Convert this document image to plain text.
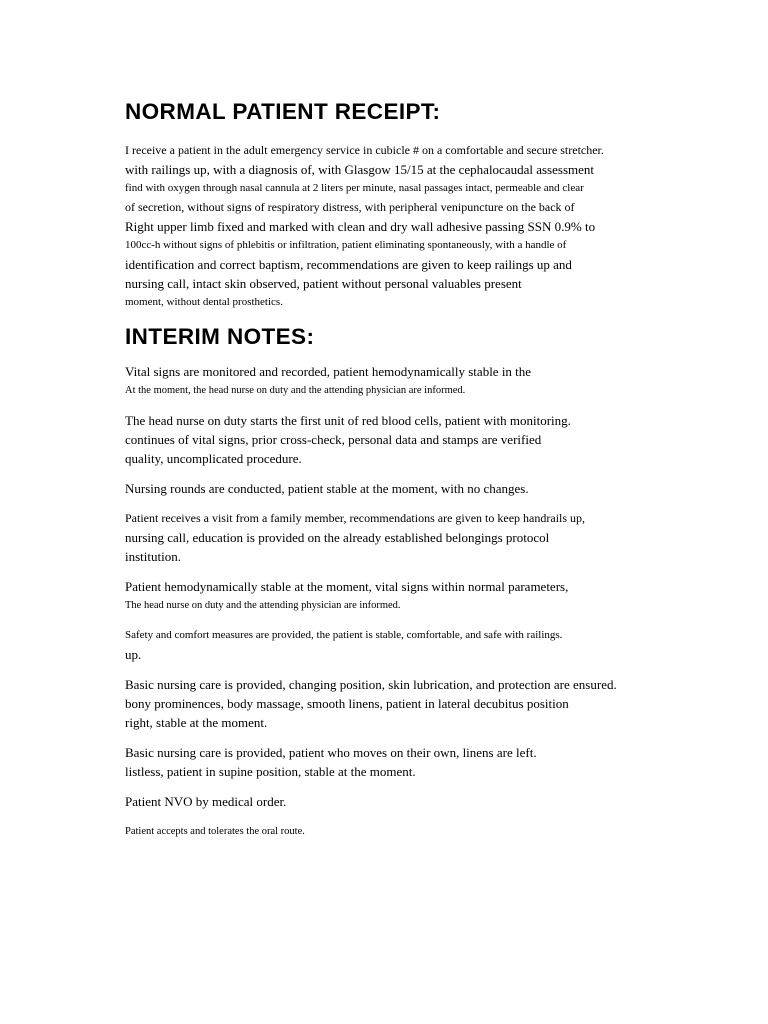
NORMAL PATIENT RECEIPT:
I receive a patient in the adult emergency service in cubicle # on a comfortable and secure stretcher.
with railings up, with a diagnosis of, with Glasgow 15/15 at the cephalocaudal assessment
find with oxygen through nasal cannula at 2 liters per minute, nasal passages intact, permeable and clear
of secretion, without signs of respiratory distress, with peripheral venipuncture on the back of
Right upper limb fixed and marked with clean and dry wall adhesive passing SSN 0.9% to
100cc-h without signs of phlebitis or infiltration, patient eliminating spontaneously, with a handle of
identification and correct baptism, recommendations are given to keep railings up and
nursing call, intact skin observed, patient without personal valuables present
moment, without dental prosthetics.
INTERIM NOTES:
Vital signs are monitored and recorded, patient hemodynamically stable in the
At the moment, the head nurse on duty and the attending physician are informed.
The head nurse on duty starts the first unit of red blood cells, patient with monitoring.
continues of vital signs, prior cross-check, personal data and stamps are verified
quality, uncomplicated procedure.
Nursing rounds are conducted, patient stable at the moment, with no changes.
Patient receives a visit from a family member, recommendations are given to keep handrails up,
nursing call, education is provided on the already established belongings protocol
institution.
Patient hemodynamically stable at the moment, vital signs within normal parameters,
The head nurse on duty and the attending physician are informed.
Safety and comfort measures are provided, the patient is stable, comfortable, and safe with railings.
up.
Basic nursing care is provided, changing position, skin lubrication, and protection are ensured.
bony prominences, body massage, smooth linens, patient in lateral decubitus position
right, stable at the moment.
Basic nursing care is provided, patient who moves on their own, linens are left.
listless, patient in supine position, stable at the moment.
Patient NVO by medical order.
Patient accepts and tolerates the oral route.
